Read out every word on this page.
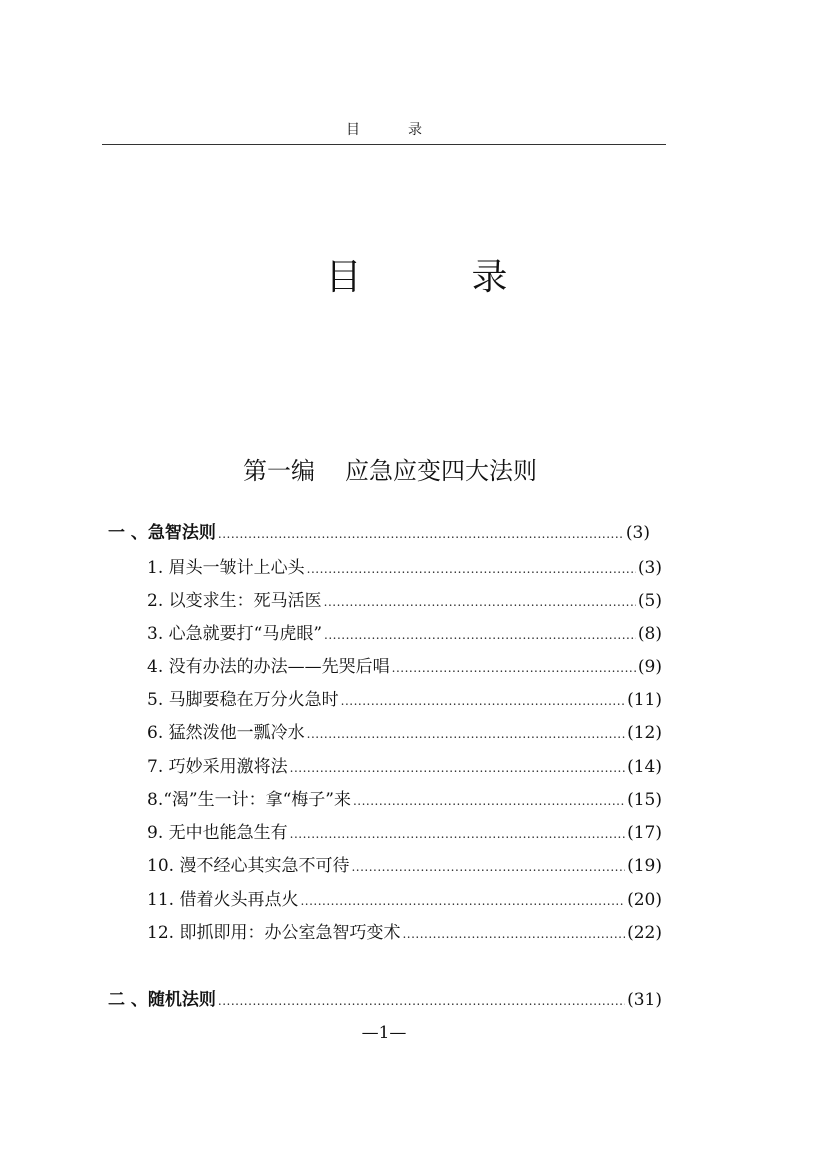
目	录
目	录
第一编 应急应变四大法则
一 、急智法则 .....	(3)
1. 眉头一皱计上心头 .....	(3)
2. 以变求生：死马活医 .....	(5)
3. 心急就要打“马虎眼” .....	(8)
4. 没有办法的办法——先哭后唱 .....	(9)
5. 马脚要稳在万分火急时 .....	(11)
6. 猛然泼他一瓢冷水 .....	(12)
7. 巧妙采用激将法 .....	(14)
8.“渴”生一计：拿“梅子”来 .....	(15)
9. 无中也能急生有 .....	(17)
10. 漫不经心其实急不可待 .....	(19)
11. 借着火头再点火 .....	(20)
12. 即抓即用：办公室急智巧变术 .....	(22)
二 、随机法则 .....	(31)
—1—
